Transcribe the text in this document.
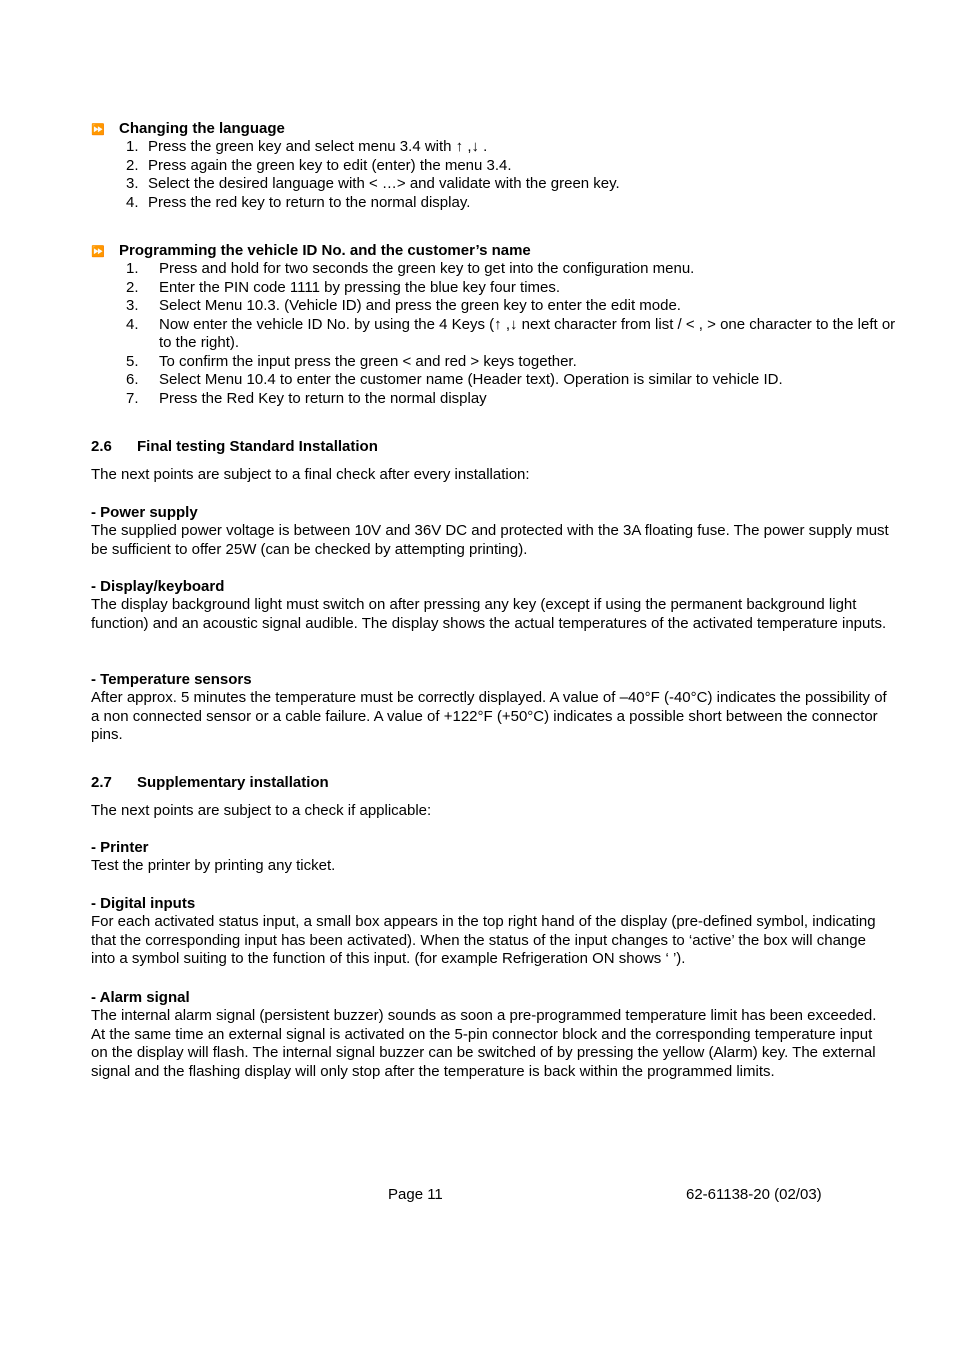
⏩ Changing the language
1. Press the green key and select menu 3.4 with ↑ ,↓ .
2. Press again the green key to edit (enter) the menu 3.4.
3. Select the desired language with < …> and validate with the green key.
4. Press the red key to return to the normal display.
⏩ Programming the vehicle ID No. and the customer’s name
1. Press and hold for two seconds the green key to get into the configuration menu.
2. Enter the PIN code 1111 by pressing the blue key four times.
3. Select Menu 10.3. (Vehicle ID) and press the green key to enter the edit mode.
4. Now enter the vehicle ID No. by using the 4 Keys (↑ ,↓ next character from list / < , > one character to the left or to the right).
5. To confirm the input press the green < and red > keys together.
6. Select Menu 10.4 to enter the customer name (Header text). Operation is similar to vehicle ID.
7. Press the Red Key to return to the normal display
2.6 Final testing Standard Installation

The next points are subject to a final check after every installation:

- Power supply

The supplied power voltage is between 10V and 36V DC and protected with the 3A floating fuse. The power supply must be sufficient to offer 25W (can be checked by attempting printing).

- Display/keyboard

The display background light must switch on after pressing any key (except if using the permanent background light function) and an acoustic signal audible. The display shows the actual temperatures of the activated temperature inputs.

- Temperature sensors

After approx. 5 minutes the temperature must be correctly displayed. A value of –40°F (-40°C) indicates the possibility of a non connected sensor or a cable failure. A value of +122°F (+50°C) indicates a possible short between the connector pins.

2.7 Supplementary installation

The next points are subject to a check if applicable:

- Printer

Test the printer by printing any ticket.

- Digital inputs

For each activated status input, a small box appears in the top right hand of the display (pre-defined symbol, indicating that the corresponding input has been activated). When the status of the input changes to ‘active’ the box will change into a symbol suiting to the function of this input. (for example Refrigeration ON shows ‘ ’).

- Alarm signal

The internal alarm signal (persistent buzzer) sounds as soon a pre-programmed temperature limit has been exceeded. At the same time an external signal is activated on the 5-pin connector block and the corresponding temperature input on the display will flash. The internal signal buzzer can be switched of by pressing the yellow (Alarm) key. The external signal and the flashing display will only stop after the temperature is back within the programmed limits.

Page 11	62-61138-20 (02/03)
